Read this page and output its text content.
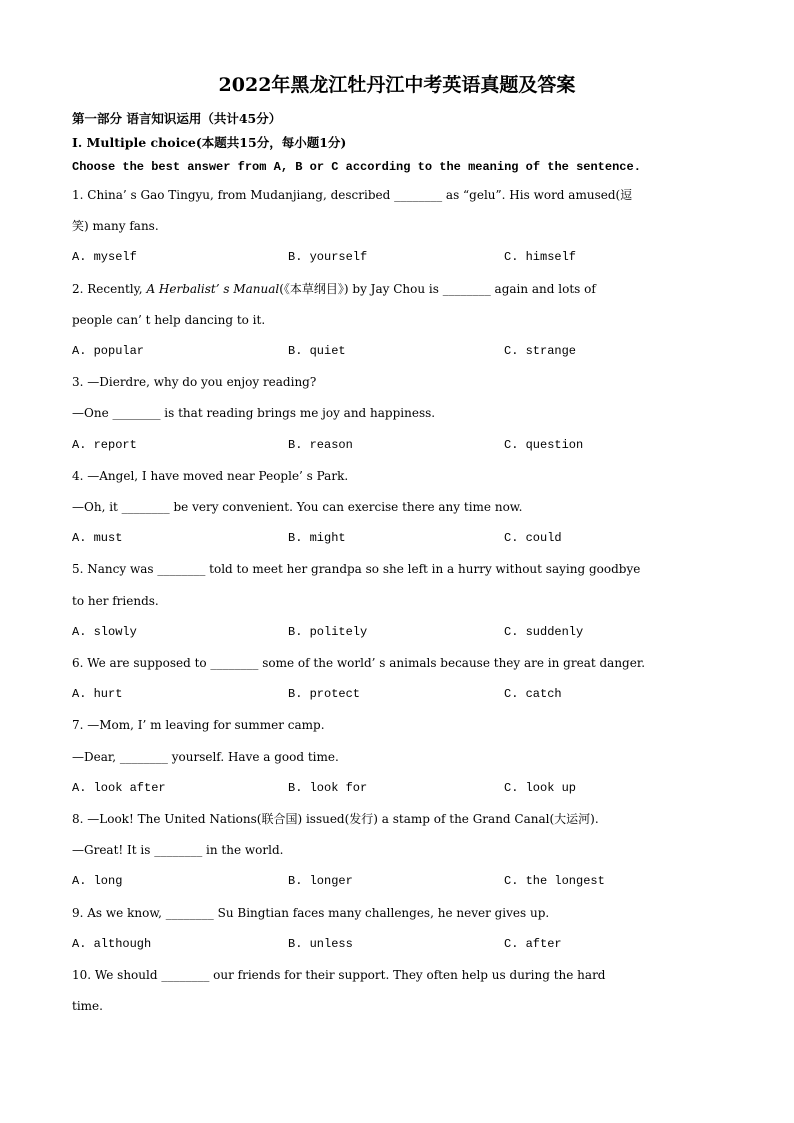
2022年黑龙江牡丹江中考英语真题及答案
第一部分 语言知识运用（共计45分）
I. Multiple choice(本题共15分，每小题1分)
Choose the best answer from A, B or C according to the meaning of the sentence.
1. China’ s Gao Tingyu, from Mudanjiang, described ________ as “gelu”. His word amused(逗
笑) many fans.
A. myself	B. yourself	C. himself
2. Recently, A Herbalist’ s Manual(《本草纲目》) by Jay Chou is ________ again and lots of
people can’ t help dancing to it.
A. popular	B. quiet	C. strange
3. —Dierdre, why do you enjoy reading?
—One ________ is that reading brings me joy and happiness.
A. report	B. reason	C. question
4. —Angel, I have moved near People’ s Park.
—Oh, it ________ be very convenient. You can exercise there any time now.
A. must	B. might	C. could
5. Nancy was ________ told to meet her grandpa so she left in a hurry without saying goodbye
to her friends.
A. slowly	B. politely	C. suddenly
6. We are supposed to ________ some of the world’ s animals because they are in great danger.
A. hurt	B. protect	C. catch
7. —Mom, I’ m leaving for summer camp.
—Dear, ________ yourself. Have a good time.
A. look after	B. look for	C. look up
8. —Look! The United Nations(联合国) issued(发行) a stamp of the Grand Canal(大运河).
—Great! It is ________ in the world.
A. long	B. longer	C. the longest
9. As we know, ________ Su Bingtian faces many challenges, he never gives up.
A. although	B. unless	C. after
10. We should ________ our friends for their support. They often help us during the hard
time.
